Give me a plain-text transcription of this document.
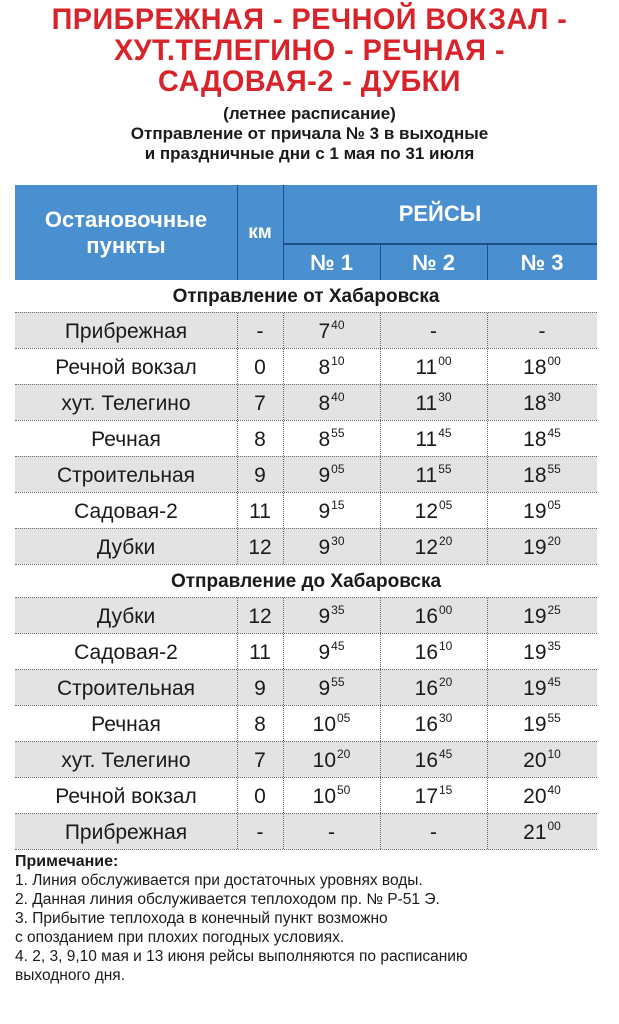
ПРИБРЕЖНАЯ - РЕЧНОЙ ВОКЗАЛ -
ХУТ.ТЕЛЕГИНО - РЕЧНАЯ -
САДОВАЯ-2 - ДУБКИ
(летнее расписание)
Отправление от причала № 3 в выходные
и праздничные дни с 1 мая по 31 июля
Остановочные
пункты
км
РЕЙСЫ
№ 1	№ 2	№ 3
Отправление от Хабаровска
Прибрежная	-	$7^{40}$	-	-
Речной вокзал	0	$8^{10}$	$11^{00}$	$18^{00}$
хут. Телегино	7	$8^{40}$	$11^{30}$	$18^{30}$
Речная	8	$8^{55}$	$11^{45}$	$18^{45}$
Строительная	9	$9^{05}$	$11^{55}$	$18^{55}$
Садовая-2	11	$9^{15}$	$12^{05}$	$19^{05}$
Дубки	12	$9^{30}$	$12^{20}$	$19^{20}$
Отправление до Хабаровска
Дубки	12	$9^{35}$	$16^{00}$	$19^{25}$
Садовая-2	11	$9^{45}$	$16^{10}$	$19^{35}$
Строительная	9	$9^{55}$	$16^{20}$	$19^{45}$
Речная	8	$10^{05}$	$16^{30}$	$19^{55}$
хут. Телегино	7	$10^{20}$	$16^{45}$	$20^{10}$
Речной вокзал	0	$10^{50}$	$17^{15}$	$20^{40}$
Прибрежная	-	-	-	$21^{00}$
Примечание:
1. Линия обслуживается при достаточных уровнях воды.
2. Данная линия обслуживается теплоходом пр. № Р-51 Э.
3. Прибытие теплохода в конечный пункт возможно
с опозданием при плохих погодных условиях.
4. 2, 3, 9,10 мая и 13 июня рейсы выполняются по расписанию
выходного дня.
